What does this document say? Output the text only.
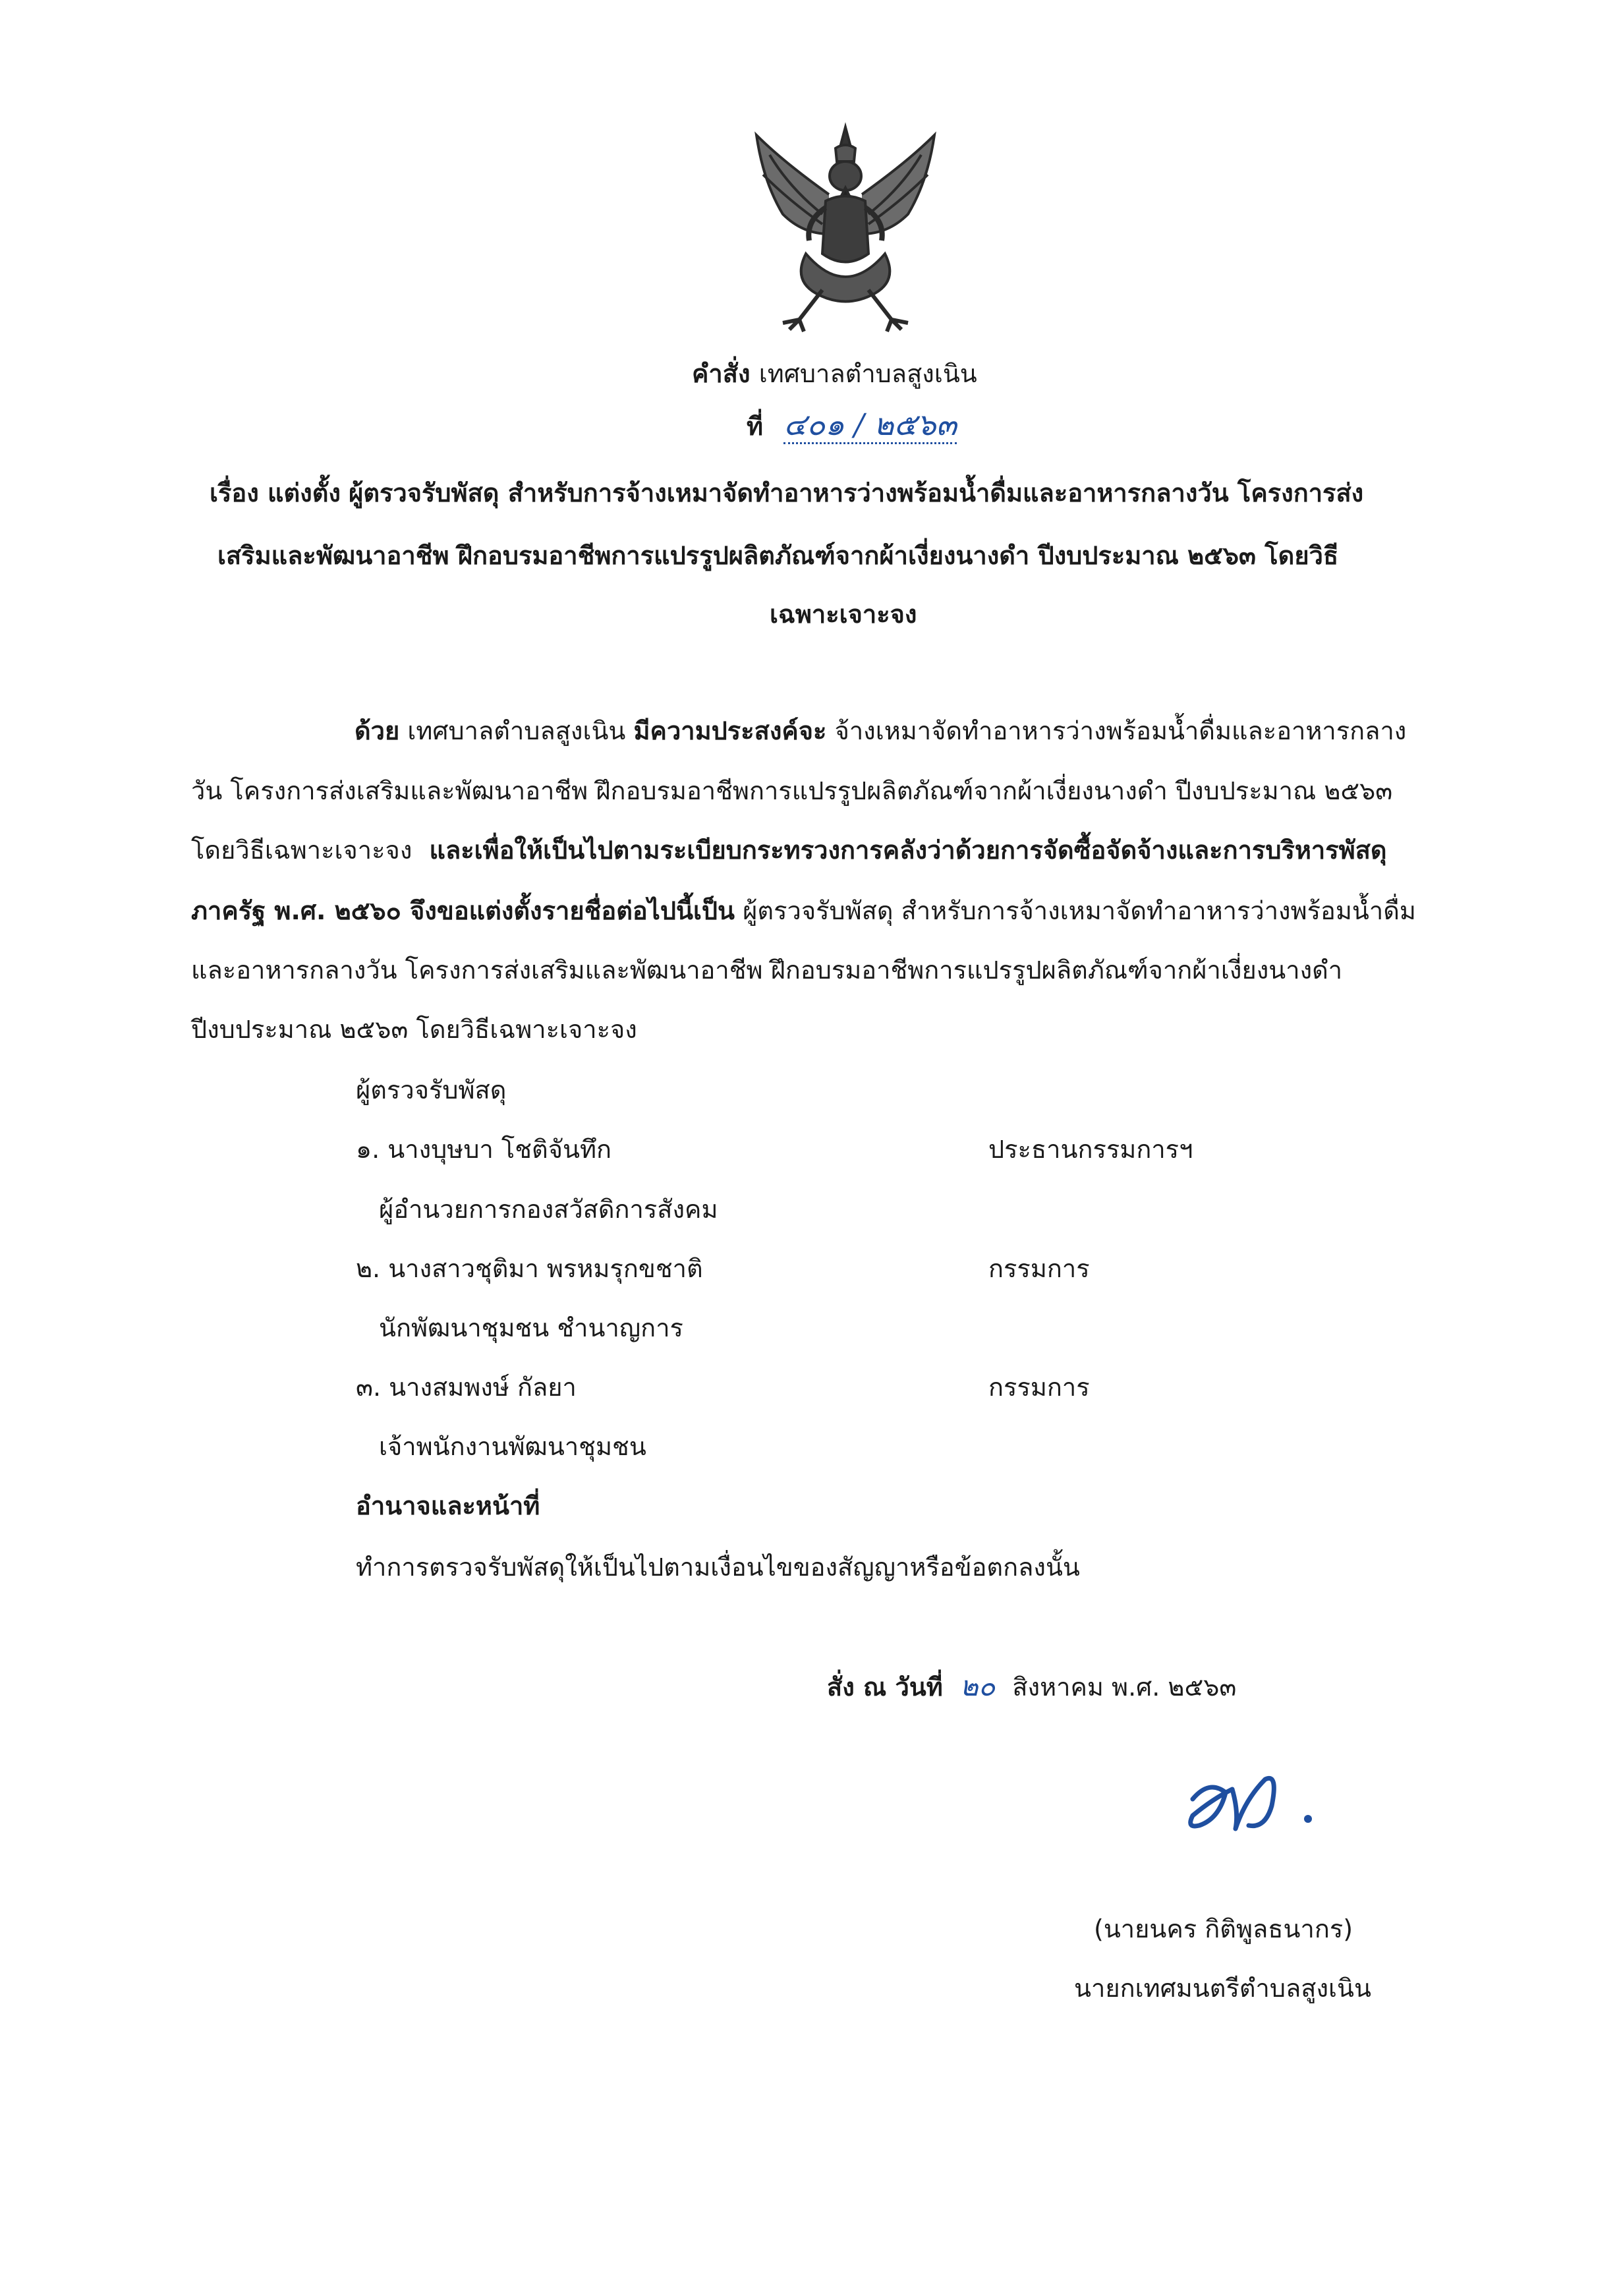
คำสั่ง เทศบาลตำบลสูงเนิน
ที่ ๔๐๑ / ๒๕๖๓
เรื่อง แต่งตั้ง ผู้ตรวจรับพัสดุ สำหรับการจ้างเหมาจัดทำอาหารว่างพร้อมน้ำดื่มและอาหารกลางวัน โครงการส่ง
เสริมและพัฒนาอาชีพ ฝึกอบรมอาชีพการแปรรูปผลิตภัณฑ์จากผ้าเงี่ยงนางดำ ปีงบประมาณ ๒๕๖๓ โดยวิธี
เฉพาะเจาะจง
ด้วย เทศบาลตำบลสูงเนิน มีความประสงค์จะ จ้างเหมาจัดทำอาหารว่างพร้อมน้ำดื่มและอาหารกลาง
วัน โครงการส่งเสริมและพัฒนาอาชีพ ฝึกอบรมอาชีพการแปรรูปผลิตภัณฑ์จากผ้าเงี่ยงนางดำ ปีงบประมาณ ๒๕๖๓
โดยวิธีเฉพาะเจาะจง และเพื่อให้เป็นไปตามระเบียบกระทรวงการคลังว่าด้วยการจัดซื้อจัดจ้างและการบริหารพัสดุ
ภาครัฐ พ.ศ. ๒๕๖๐ จึงขอแต่งตั้งรายชื่อต่อไปนี้เป็น ผู้ตรวจรับพัสดุ สำหรับการจ้างเหมาจัดทำอาหารว่างพร้อมน้ำดื่ม
และอาหารกลางวัน โครงการส่งเสริมและพัฒนาอาชีพ ฝึกอบรมอาชีพการแปรรูปผลิตภัณฑ์จากผ้าเงี่ยงนางดำ
ปีงบประมาณ ๒๕๖๓ โดยวิธีเฉพาะเจาะจง
ผู้ตรวจรับพัสดุ
๑. นางบุษบา โชติจันทึก	ประธานกรรมการฯ
ผู้อำนวยการกองสวัสดิการสังคม
๒. นางสาวชุติมา พรหมรุกขชาติ	กรรมการ
นักพัฒนาชุมชน ชำนาญการ
๓. นางสมพงษ์ กัลยา	กรรมการ
เจ้าพนักงานพัฒนาชุมชน
อำนาจและหน้าที่
ทำการตรวจรับพัสดุให้เป็นไปตามเงื่อนไขของสัญญาหรือข้อตกลงนั้น
สั่ง ณ วันที่ ๒๐ สิงหาคม พ.ศ. ๒๕๖๓
(นายนคร กิติพูลธนากร)
นายกเทศมนตรีตำบลสูงเนิน
